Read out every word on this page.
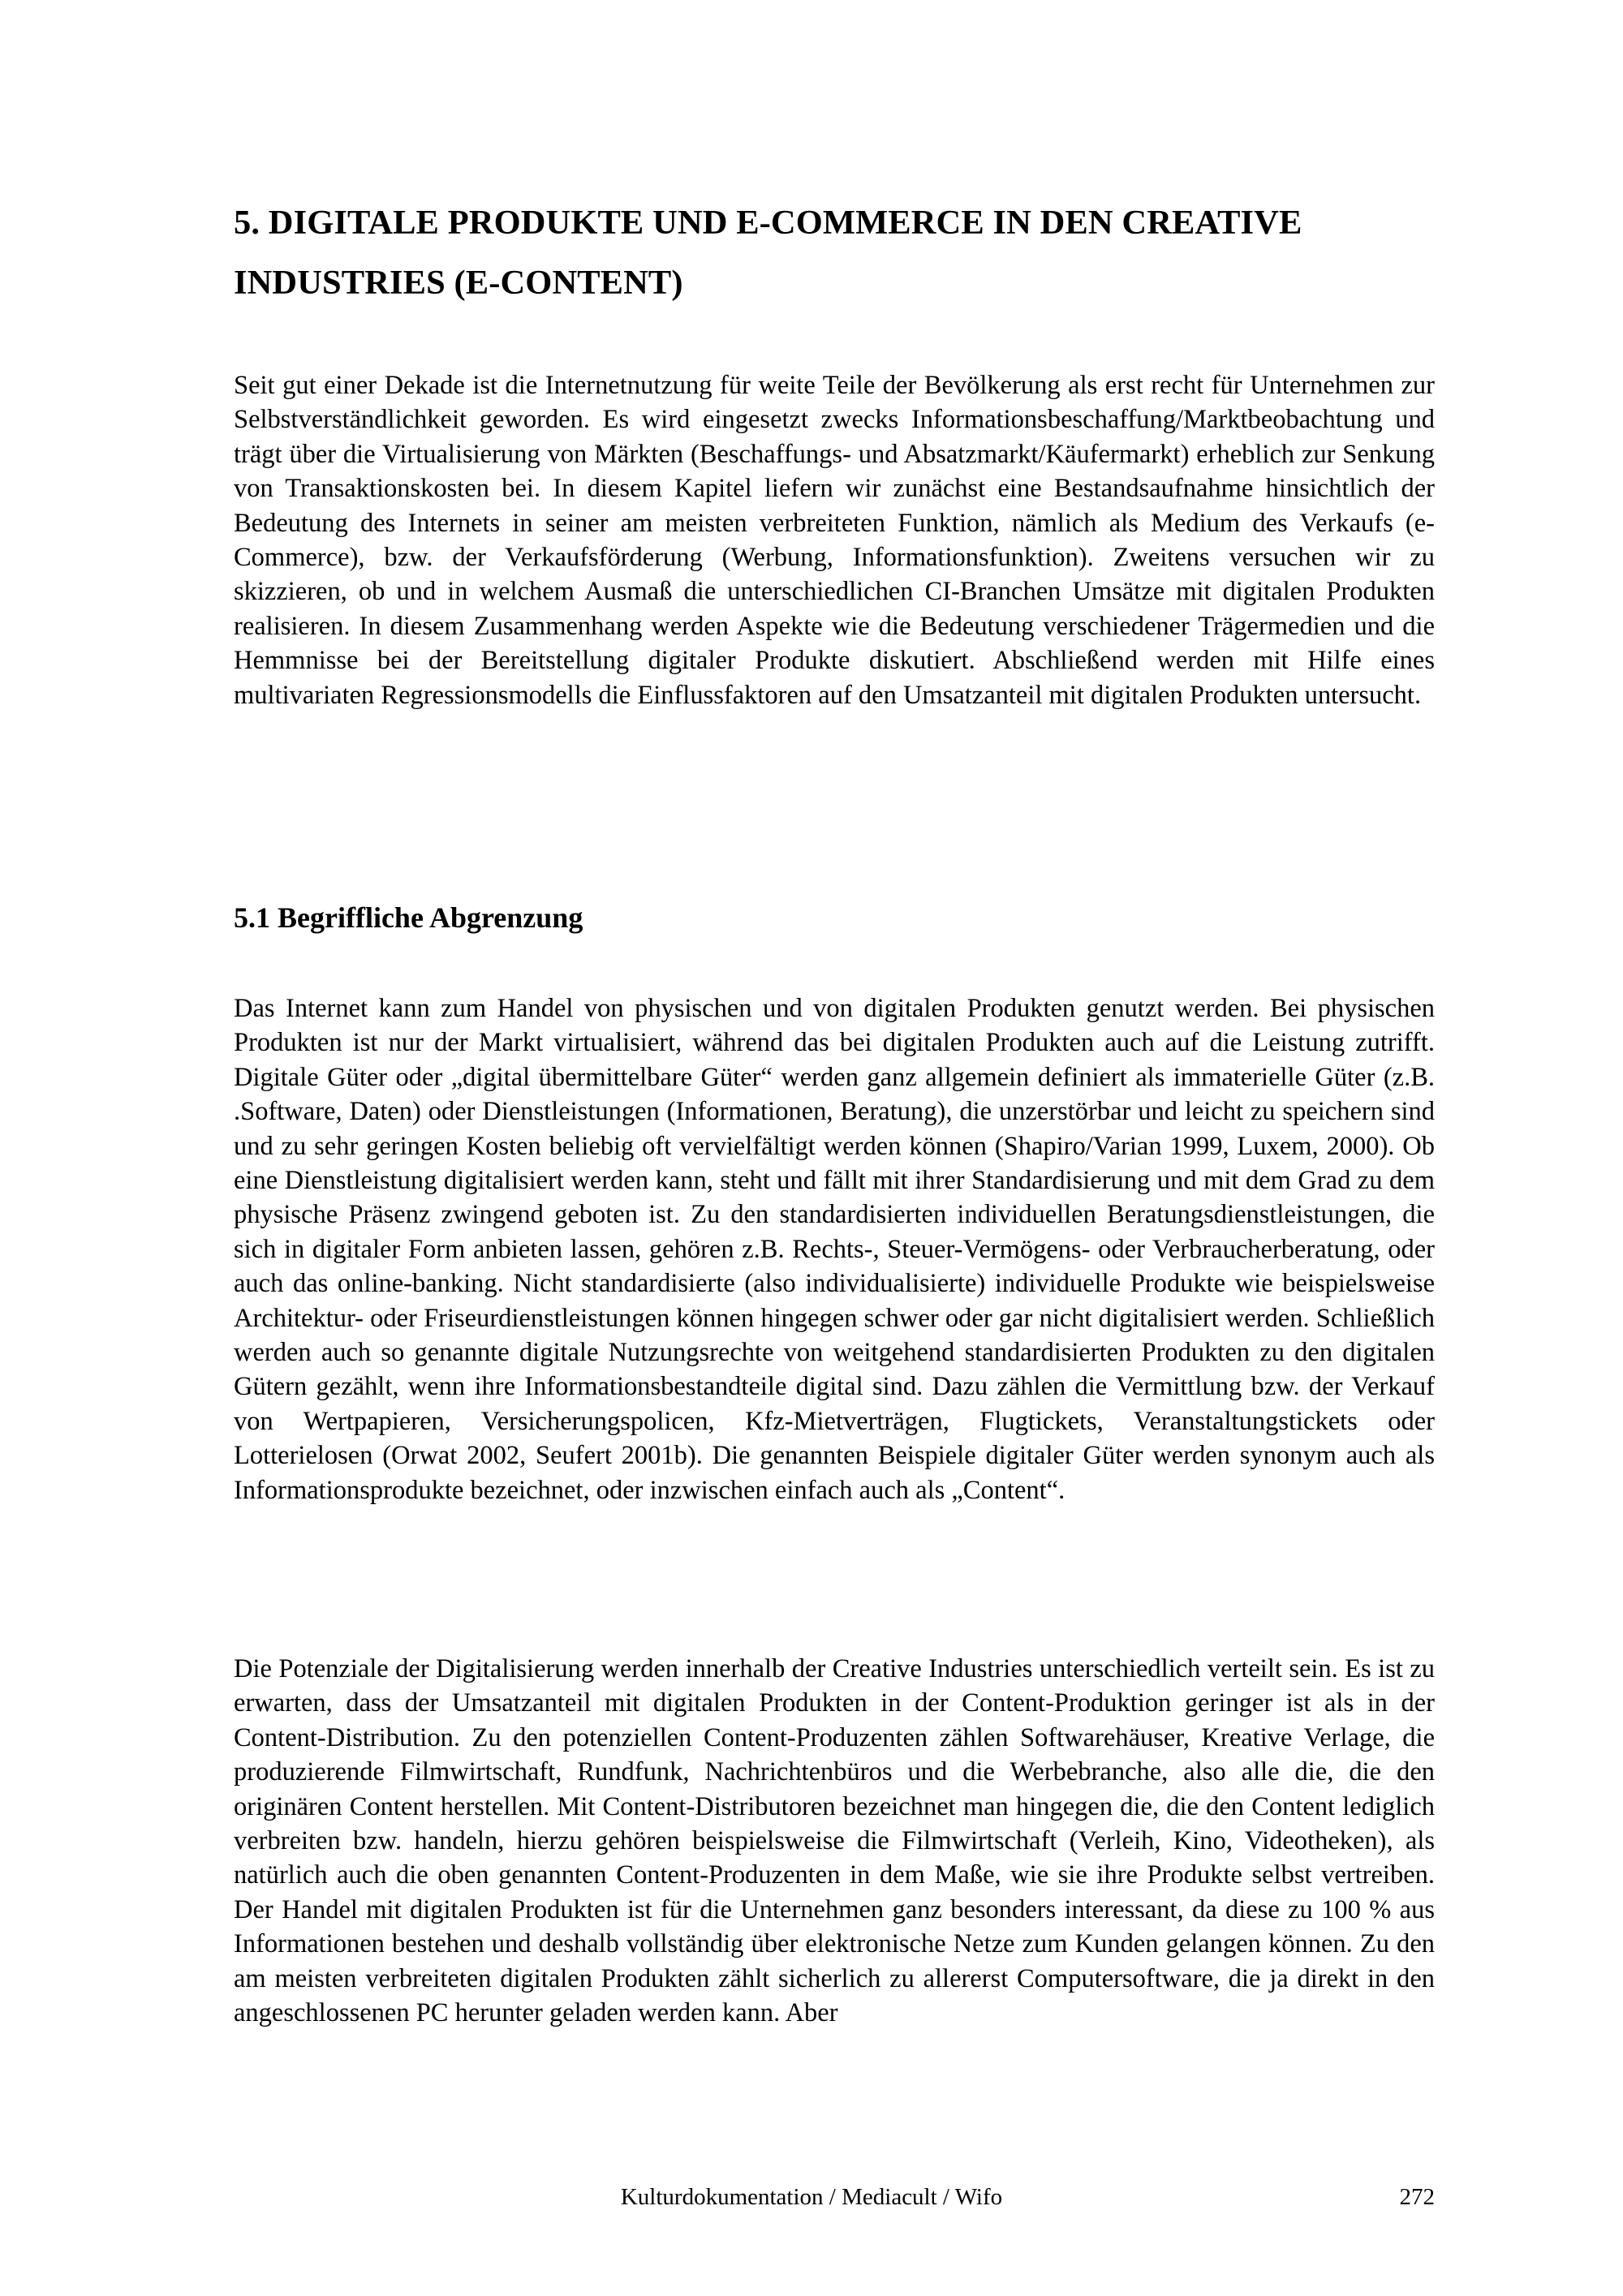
5. DIGITALE PRODUKTE UND E-COMMERCE IN DEN CREATIVE INDUSTRIES (E-CONTENT)

Seit gut einer Dekade ist die Internetnutzung für weite Teile der Bevölkerung als erst recht für Unternehmen zur Selbstverständlichkeit geworden. Es wird eingesetzt zwecks Informationsbeschaffung/Marktbeobachtung und trägt über die Virtualisierung von Märkten (Beschaffungs- und Absatzmarkt/Käufermarkt) erheblich zur Senkung von Transaktionskosten bei. In diesem Kapitel liefern wir zunächst eine Bestandsaufnahme hinsichtlich der Bedeutung des Internets in seiner am meisten verbreiteten Funktion, nämlich als Medium des Verkaufs (e-Commerce), bzw. der Verkaufsförderung (Werbung, Informationsfunktion). Zweitens versuchen wir zu skizzieren, ob und in welchem Ausmaß die unterschiedlichen CI-Branchen Umsätze mit digitalen Produkten realisieren. In diesem Zusammenhang werden Aspekte wie die Bedeutung verschiedener Trägermedien und die Hemmnisse bei der Bereitstellung digitaler Produkte diskutiert. Abschließend werden mit Hilfe eines multivariaten Regressionsmodells die Einflussfaktoren auf den Umsatzanteil mit digitalen Produkten untersucht.

5.1 Begriffliche Abgrenzung

Das Internet kann zum Handel von physischen und von digitalen Produkten genutzt werden. Bei physischen Produkten ist nur der Markt virtualisiert, während das bei digitalen Produkten auch auf die Leistung zutrifft. Digitale Güter oder „digital übermittelbare Güter“ werden ganz allgemein definiert als immaterielle Güter (z.B. .Software, Daten) oder Dienstleistungen (Informationen, Beratung), die unzerstörbar und leicht zu speichern sind und zu sehr geringen Kosten beliebig oft vervielfältigt werden können (Shapiro/Varian 1999, Luxem, 2000). Ob eine Dienstleistung digitalisiert werden kann, steht und fällt mit ihrer Standardisierung und mit dem Grad zu dem physische Präsenz zwingend geboten ist. Zu den standardisierten individuellen Beratungsdienstleistungen, die sich in digitaler Form anbieten lassen, gehören z.B. Rechts-, Steuer-Vermögens- oder Verbraucherberatung, oder auch das online-banking. Nicht standardisierte (also individualisierte) individuelle Produkte wie beispielsweise Architektur- oder Friseurdienstleistungen können hingegen schwer oder gar nicht digitalisiert werden. Schließlich werden auch so genannte digitale Nutzungsrechte von weitgehend standardisierten Produkten zu den digitalen Gütern gezählt, wenn ihre Informationsbestandteile digital sind. Dazu zählen die Vermittlung bzw. der Verkauf von Wertpapieren, Versicherungspolicen, Kfz-Mietverträgen, Flugtickets, Veranstaltungstickets oder Lotterielosen (Orwat 2002, Seufert 2001b). Die genannten Beispiele digitaler Güter werden synonym auch als Informationsprodukte bezeichnet, oder inzwischen einfach auch als „Content“.

Die Potenziale der Digitalisierung werden innerhalb der Creative Industries unterschiedlich verteilt sein. Es ist zu erwarten, dass der Umsatzanteil mit digitalen Produkten in der Content-Produktion geringer ist als in der Content-Distribution. Zu den potenziellen Content-Produzenten zählen Softwarehäuser, Kreative Verlage, die produzierende Filmwirtschaft, Rundfunk, Nachrichtenbüros und die Werbebranche, also alle die, die den originären Content herstellen. Mit Content-Distributoren bezeichnet man hingegen die, die den Content lediglich verbreiten bzw. handeln, hierzu gehören beispielsweise die Filmwirtschaft (Verleih, Kino, Videotheken), als natürlich auch die oben genannten Content-Produzenten in dem Maße, wie sie ihre Produkte selbst vertreiben. Der Handel mit digitalen Produkten ist für die Unternehmen ganz besonders interessant, da diese zu 100 % aus Informationen bestehen und deshalb vollständig über elektronische Netze zum Kunden gelangen können. Zu den am meisten verbreiteten digitalen Produkten zählt sicherlich zu allererst Computersoftware, die ja direkt in den angeschlossenen PC herunter geladen werden kann. Aber

Kulturdokumentation / Mediacult / Wifo	272
